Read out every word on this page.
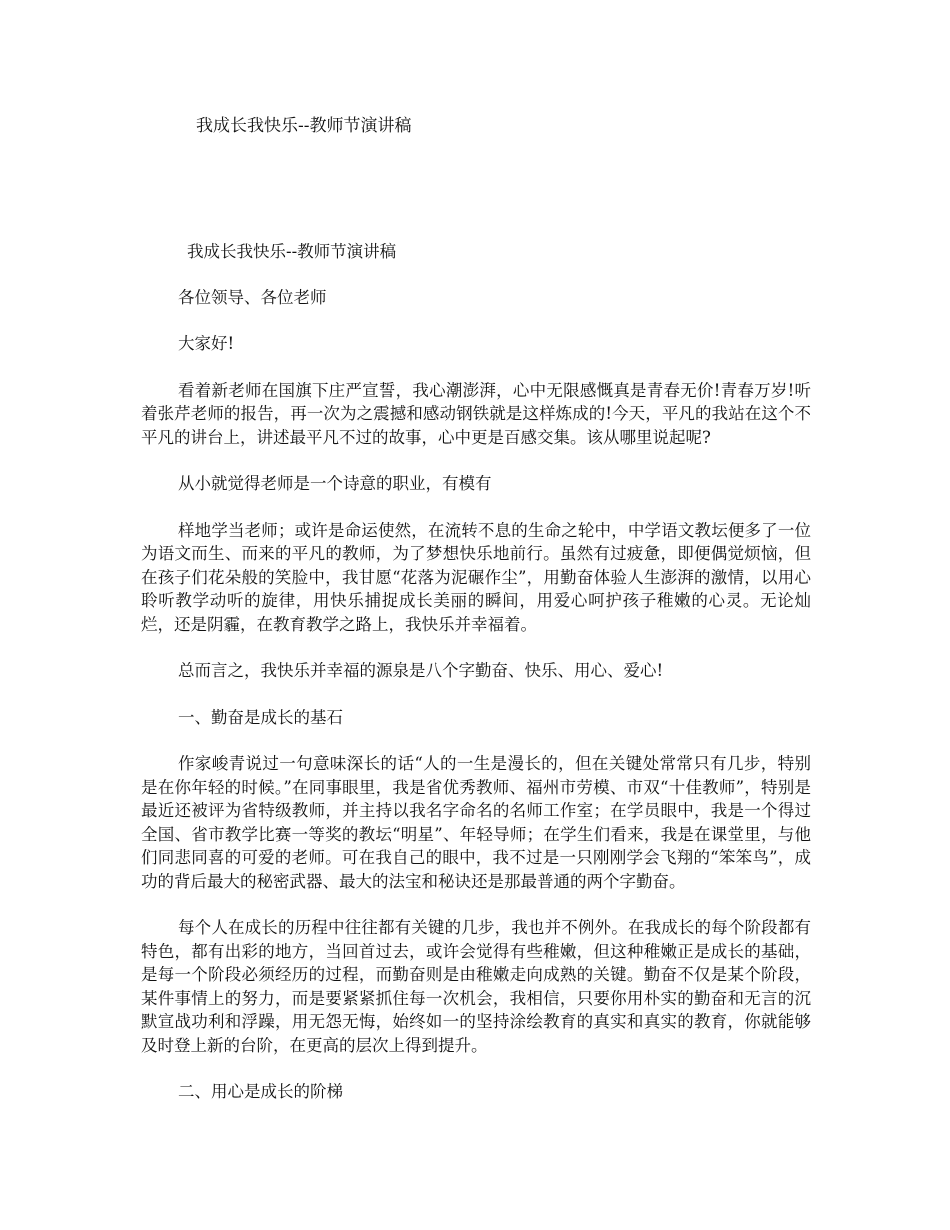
我成长我快乐--教师节演讲稿

我成长我快乐--教师节演讲稿

各位领导、各位老师

大家好!

看着新老师在国旗下庄严宣誓，我心潮澎湃，心中无限感慨真是青春无价!青春万岁!听着张芹老师的报告，再一次为之震撼和感动钢铁就是这样炼成的!今天，平凡的我站在这个不平凡的讲台上，讲述最平凡不过的故事，心中更是百感交集。该从哪里说起呢?

从小就觉得老师是一个诗意的职业，有模有

样地学当老师；或许是命运使然，在流转不息的生命之轮中，中学语文教坛便多了一位为语文而生、而来的平凡的教师，为了梦想快乐地前行。虽然有过疲惫，即便偶觉烦恼，但在孩子们花朵般的笑脸中，我甘愿“花落为泥碾作尘”，用勤奋体验人生澎湃的激情，以用心聆听教学动听的旋律，用快乐捕捉成长美丽的瞬间，用爱心呵护孩子稚嫩的心灵。无论灿烂，还是阴霾，在教育教学之路上，我快乐并幸福着。

总而言之，我快乐并幸福的源泉是八个字勤奋、快乐、用心、爱心!

一、勤奋是成长的基石

作家峻青说过一句意味深长的话“人的一生是漫长的，但在关键处常常只有几步，特别是在你年轻的时候。”在同事眼里，我是省优秀教师、福州市劳模、市双“十佳教师”，特别是最近还被评为省特级教师，并主持以我名字命名的名师工作室；在学员眼中，我是一个得过全国、省市教学比赛一等奖的教坛“明星”、年轻导师；在学生们看来，我是在课堂里，与他们同悲同喜的可爱的老师。可在我自己的眼中，我不过是一只刚刚学会飞翔的“笨笨鸟”，成功的背后最大的秘密武器、最大的法宝和秘诀还是那最普通的两个字勤奋。

每个人在成长的历程中往往都有关键的几步，我也并不例外。在我成长的每个阶段都有特色，都有出彩的地方，当回首过去，或许会觉得有些稚嫩，但这种稚嫩正是成长的基础，是每一个阶段必须经历的过程，而勤奋则是由稚嫩走向成熟的关键。勤奋不仅是某个阶段，某件事情上的努力，而是要紧紧抓住每一次机会，我相信，只要你用朴实的勤奋和无言的沉默宣战功利和浮躁，用无怨无悔，始终如一的坚持涂绘教育的真实和真实的教育，你就能够及时登上新的台阶，在更高的层次上得到提升。

二、用心是成长的阶梯
